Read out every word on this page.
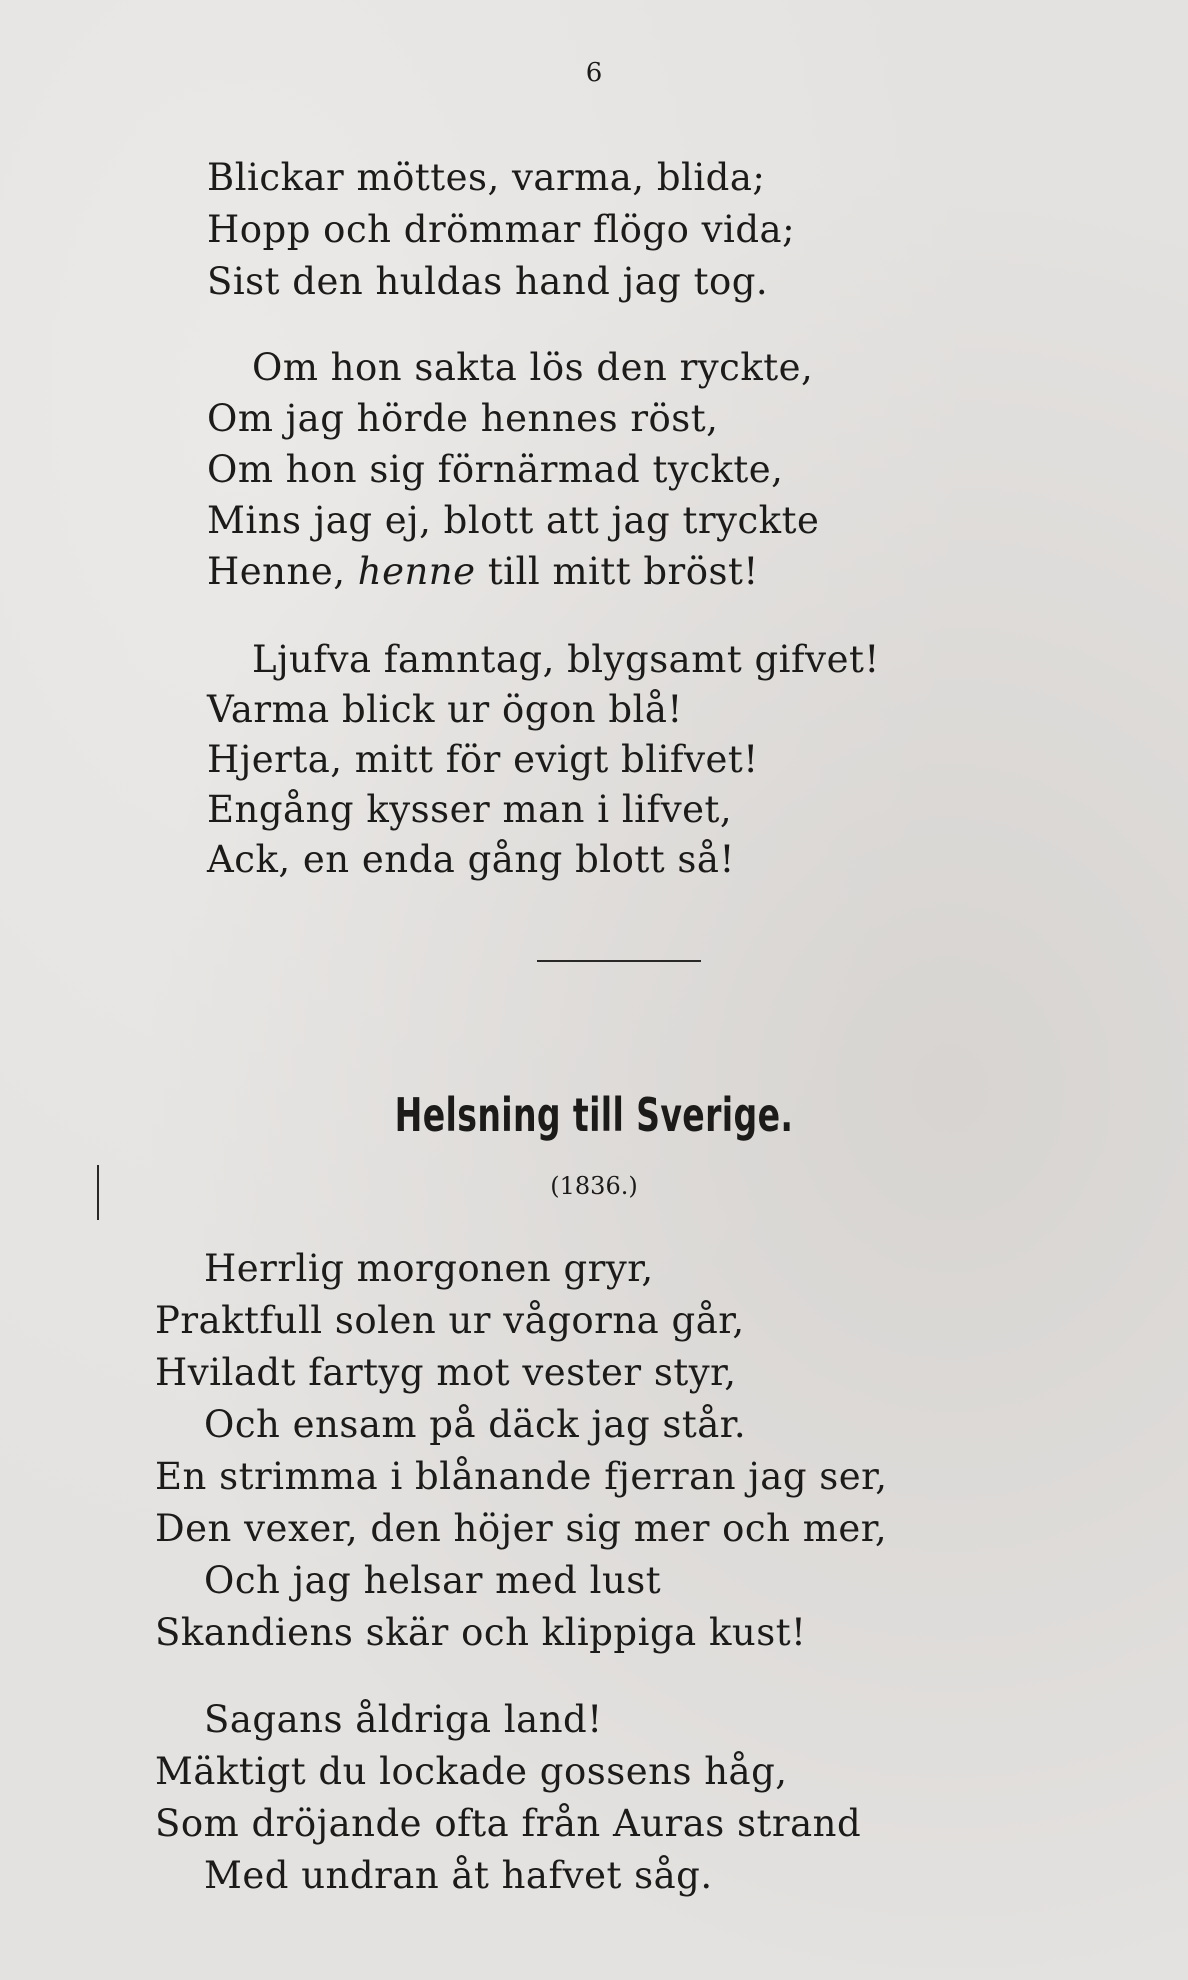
6
Blickar möttes, varma, blida;
Hopp och drömmar flögo vida;
Sist den huldas hand jag tog.
Om hon sakta lös den ryckte,
Om jag hörde hennes röst,
Om hon sig förnärmad tyckte,
Mins jag ej, blott att jag tryckte
Henne, henne till mitt bröst!
Ljufva famntag, blygsamt gifvet!
Varma blick ur ögon blå!
Hjerta, mitt för evigt blifvet!
Engång kysser man i lifvet,
Ack, en enda gång blott så!
Helsning till Sverige.
(1836.)
Herrlig morgonen gryr,
Praktfull solen ur vågorna går,
Hviladt fartyg mot vester styr,
Och ensam på däck jag står.
En strimma i blånande fjerran jag ser,
Den vexer, den höjer sig mer och mer,
Och jag helsar med lust
Skandiens skär och klippiga kust!
Sagans åldriga land!
Mäktigt du lockade gossens håg,
Som dröjande ofta från Auras strand
Med undran åt hafvet såg.
